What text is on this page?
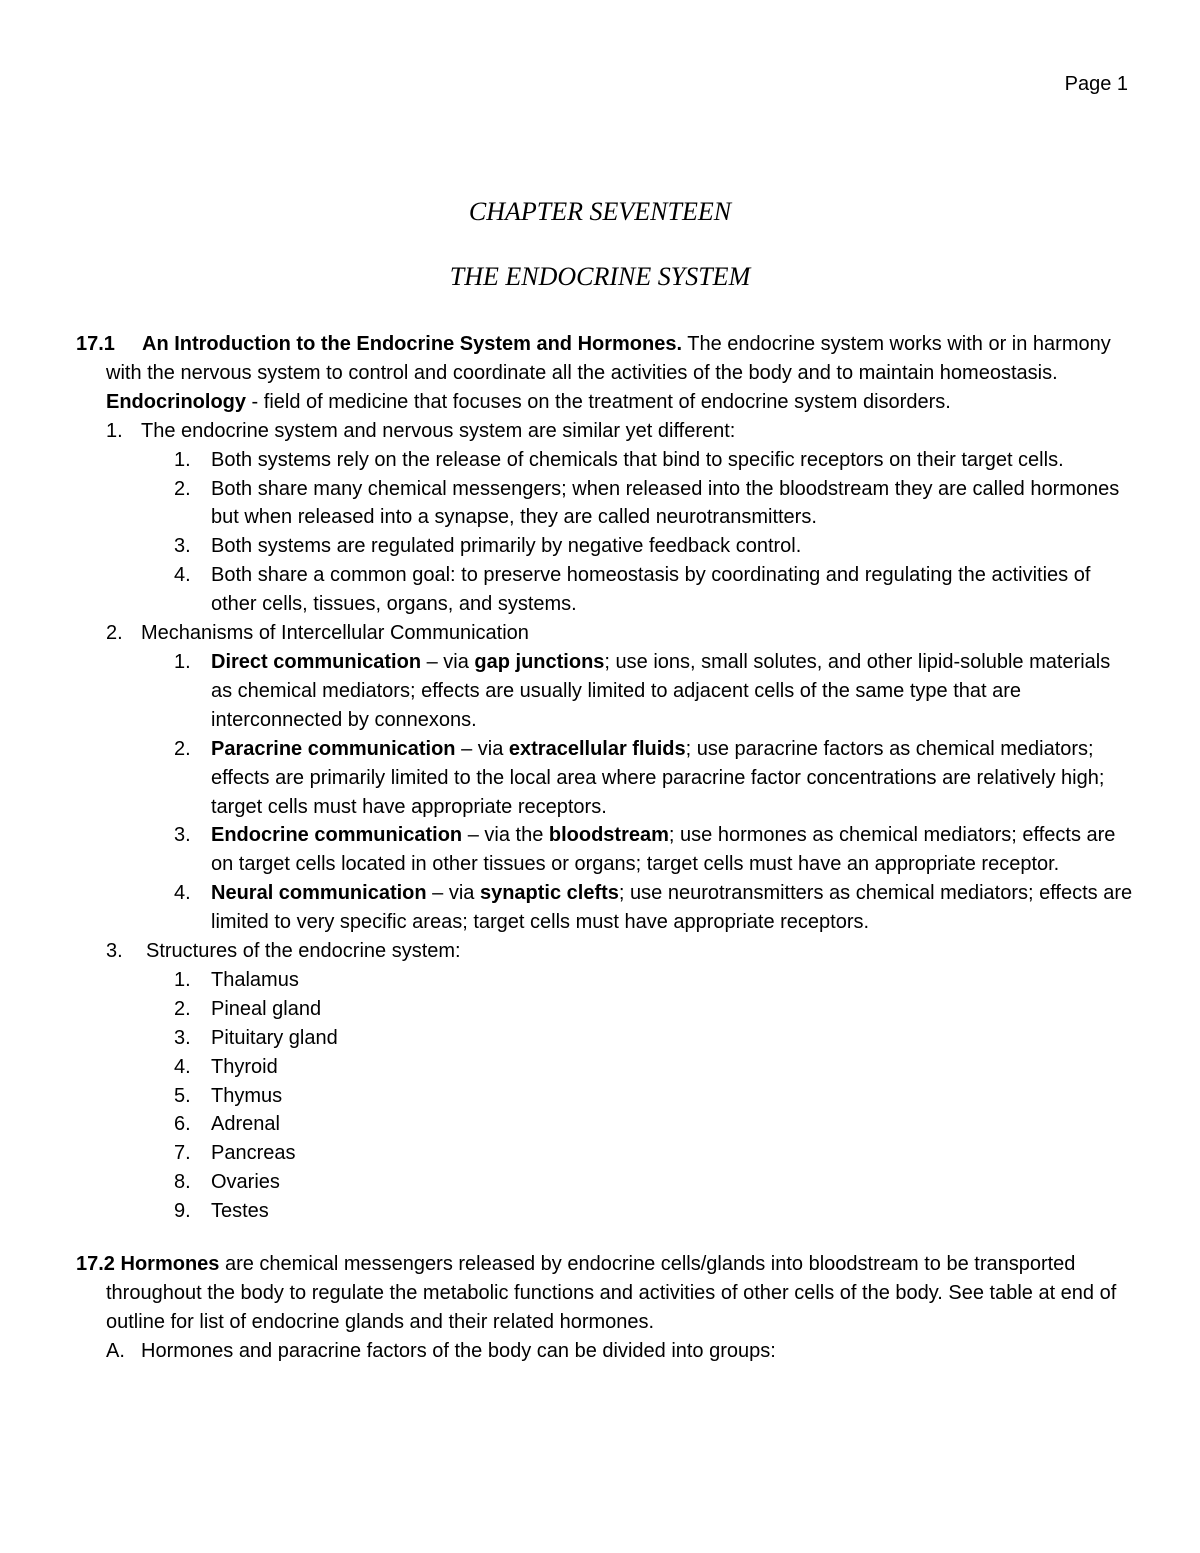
Page 1
CHAPTER SEVENTEEN
THE ENDOCRINE SYSTEM
17.1 An Introduction to the Endocrine System and Hormones. The endocrine system works with or in harmony with the nervous system to control and coordinate all the activities of the body and to maintain homeostasis. Endocrinology - field of medicine that focuses on the treatment of endocrine system disorders.
1. The endocrine system and nervous system are similar yet different:
1.	Both systems rely on the release of chemicals that bind to specific receptors on their target cells.
2.	Both share many chemical messengers; when released into the bloodstream they are called hormones but when released into a synapse, they are called neurotransmitters.
3.	Both systems are regulated primarily by negative feedback control.
4.	Both share a common goal: to preserve homeostasis by coordinating and regulating the activities of other cells, tissues, organs, and systems.
2. Mechanisms of Intercellular Communication
1.	Direct communication – via gap junctions; use ions, small solutes, and other lipid-soluble materials as chemical mediators; effects are usually limited to adjacent cells of the same type that are interconnected by connexons.
2.	Paracrine communication – via extracellular fluids; use paracrine factors as chemical mediators; effects are primarily limited to the local area where paracrine factor concentrations are relatively high; target cells must have appropriate receptors.
3.	Endocrine communication – via the bloodstream; use hormones as chemical mediators; effects are on target cells located in other tissues or organs; target cells must have an appropriate receptor.
4.	Neural communication – via synaptic clefts; use neurotransmitters as chemical mediators; effects are limited to very specific areas; target cells must have appropriate receptors.
3.	Structures of the endocrine system:
1.	Thalamus
2.	Pineal gland
3.	Pituitary gland
4.	Thyroid
5.	Thymus
6.	Adrenal
7.	Pancreas
8.	Ovaries
9.	Testes
17.2 Hormones are chemical messengers released by endocrine cells/glands into bloodstream to be transported throughout the body to regulate the metabolic functions and activities of other cells of the body. See table at end of outline for list of endocrine glands and their related hormones.
A. Hormones and paracrine factors of the body can be divided into groups:
